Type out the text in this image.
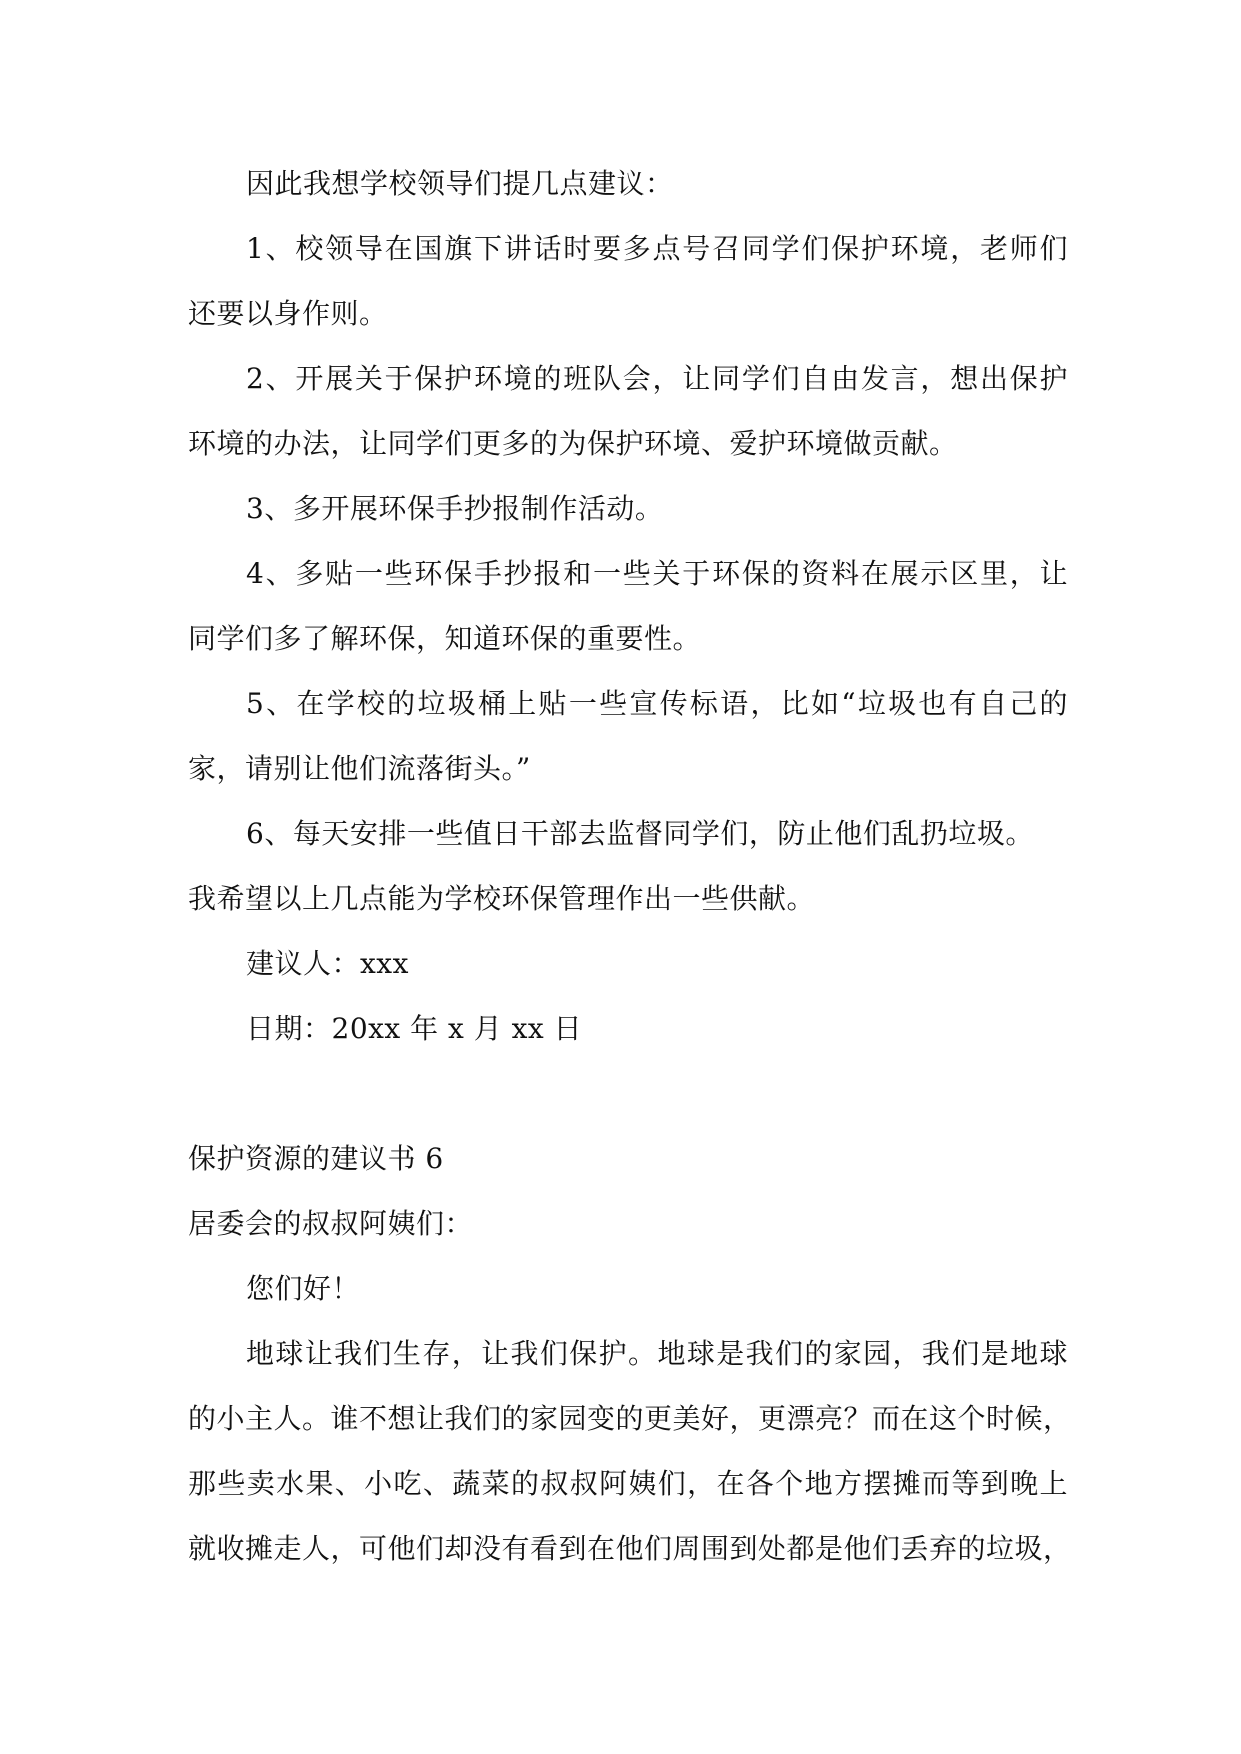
因此我想学校领导们提几点建议：
1、校领导在国旗下讲话时要多点号召同学们保护环境，老师们
还要以身作则。
2、开展关于保护环境的班队会，让同学们自由发言，想出保护
环境的办法，让同学们更多的为保护环境、爱护环境做贡献。
3、多开展环保手抄报制作活动。
4、多贴一些环保手抄报和一些关于环保的资料在展示区里，让
同学们多了解环保，知道环保的重要性。
5、在学校的垃圾桶上贴一些宣传标语，比如“垃圾也有自己的
家，请别让他们流落街头。”
6、每天安排一些值日干部去监督同学们，防止他们乱扔垃圾。
我希望以上几点能为学校环保管理作出一些供献。
建议人：xxx
日期：20xx 年 x 月 xx 日
保护资源的建议书 6
居委会的叔叔阿姨们：
您们好！
地球让我们生存，让我们保护。地球是我们的家园，我们是地球
的小主人。谁不想让我们的家园变的更美好，更漂亮？而在这个时候，
那些卖水果、小吃、蔬菜的叔叔阿姨们，在各个地方摆摊而等到晚上
就收摊走人，可他们却没有看到在他们周围到处都是他们丢弃的垃圾，
